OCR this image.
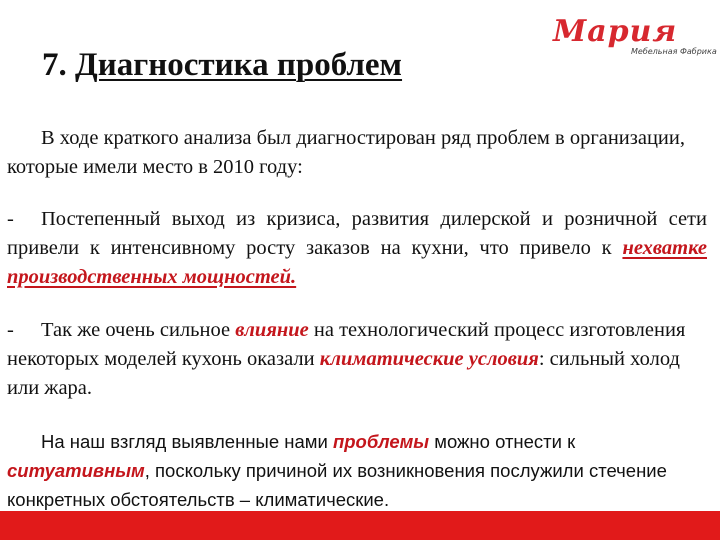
Мария
Мебельная Фабрика
7. Диагностика проблем

В ходе краткого анализа был диагностирован ряд проблем в организации, которые имели место в 2010 году:

- Постепенный выход из кризиса, развития дилерской и розничной сети привели к интенсивному росту заказов на кухни, что привело к нехватке производственных мощностей.

- Так же очень сильное влияние на технологический процесс изготовления некоторых моделей кухонь оказали климатические условия: сильный холод или жара.

На наш взгляд выявленные нами проблемы можно отнести к ситуативным, поскольку причиной их возникновения послужили стечение конкретных обстоятельств – климатические.
